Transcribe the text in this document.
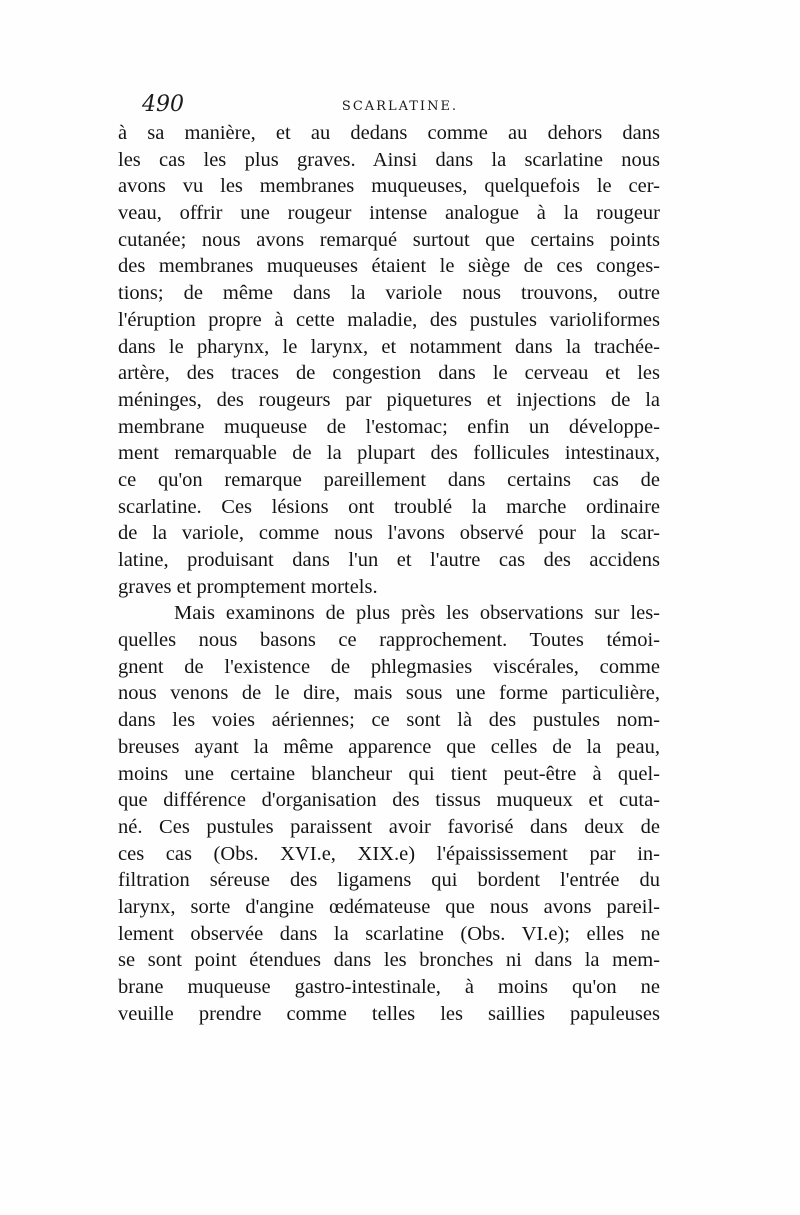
490	SCARLATINE.
à sa manière, et au dedans comme au dehors dans
les cas les plus graves. Ainsi dans la scarlatine nous
avons vu les membranes muqueuses, quelquefois le cer-
veau, offrir une rougeur intense analogue à la rougeur
cutanée; nous avons remarqué surtout que certains points
des membranes muqueuses étaient le siège de ces conges-
tions; de même dans la variole nous trouvons, outre
l'éruption propre à cette maladie, des pustules varioliformes
dans le pharynx, le larynx, et notamment dans la trachée-
artère, des traces de congestion dans le cerveau et les
méninges, des rougeurs par piquetures et injections de la
membrane muqueuse de l'estomac; enfin un développe-
ment remarquable de la plupart des follicules intestinaux,
ce qu'on remarque pareillement dans certains cas de
scarlatine. Ces lésions ont troublé la marche ordinaire
de la variole, comme nous l'avons observé pour la scar-
latine, produisant dans l'un et l'autre cas des accidens
graves et promptement mortels.
Mais examinons de plus près les observations sur les-
quelles nous basons ce rapprochement. Toutes témoi-
gnent de l'existence de phlegmasies viscérales, comme
nous venons de le dire, mais sous une forme particulière,
dans les voies aériennes; ce sont là des pustules nom-
breuses ayant la même apparence que celles de la peau,
moins une certaine blancheur qui tient peut-être à quel-
que différence d'organisation des tissus muqueux et cuta-
né. Ces pustules paraissent avoir favorisé dans deux de
ces cas (Obs. XVI.e, XIX.e) l'épaississement par in-
filtration séreuse des ligamens qui bordent l'entrée du
larynx, sorte d'angine œdémateuse que nous avons pareil-
lement observée dans la scarlatine (Obs. VI.e); elles ne
se sont point étendues dans les bronches ni dans la mem-
brane muqueuse gastro-intestinale, à moins qu'on ne
veuille prendre comme telles les saillies papuleuses
